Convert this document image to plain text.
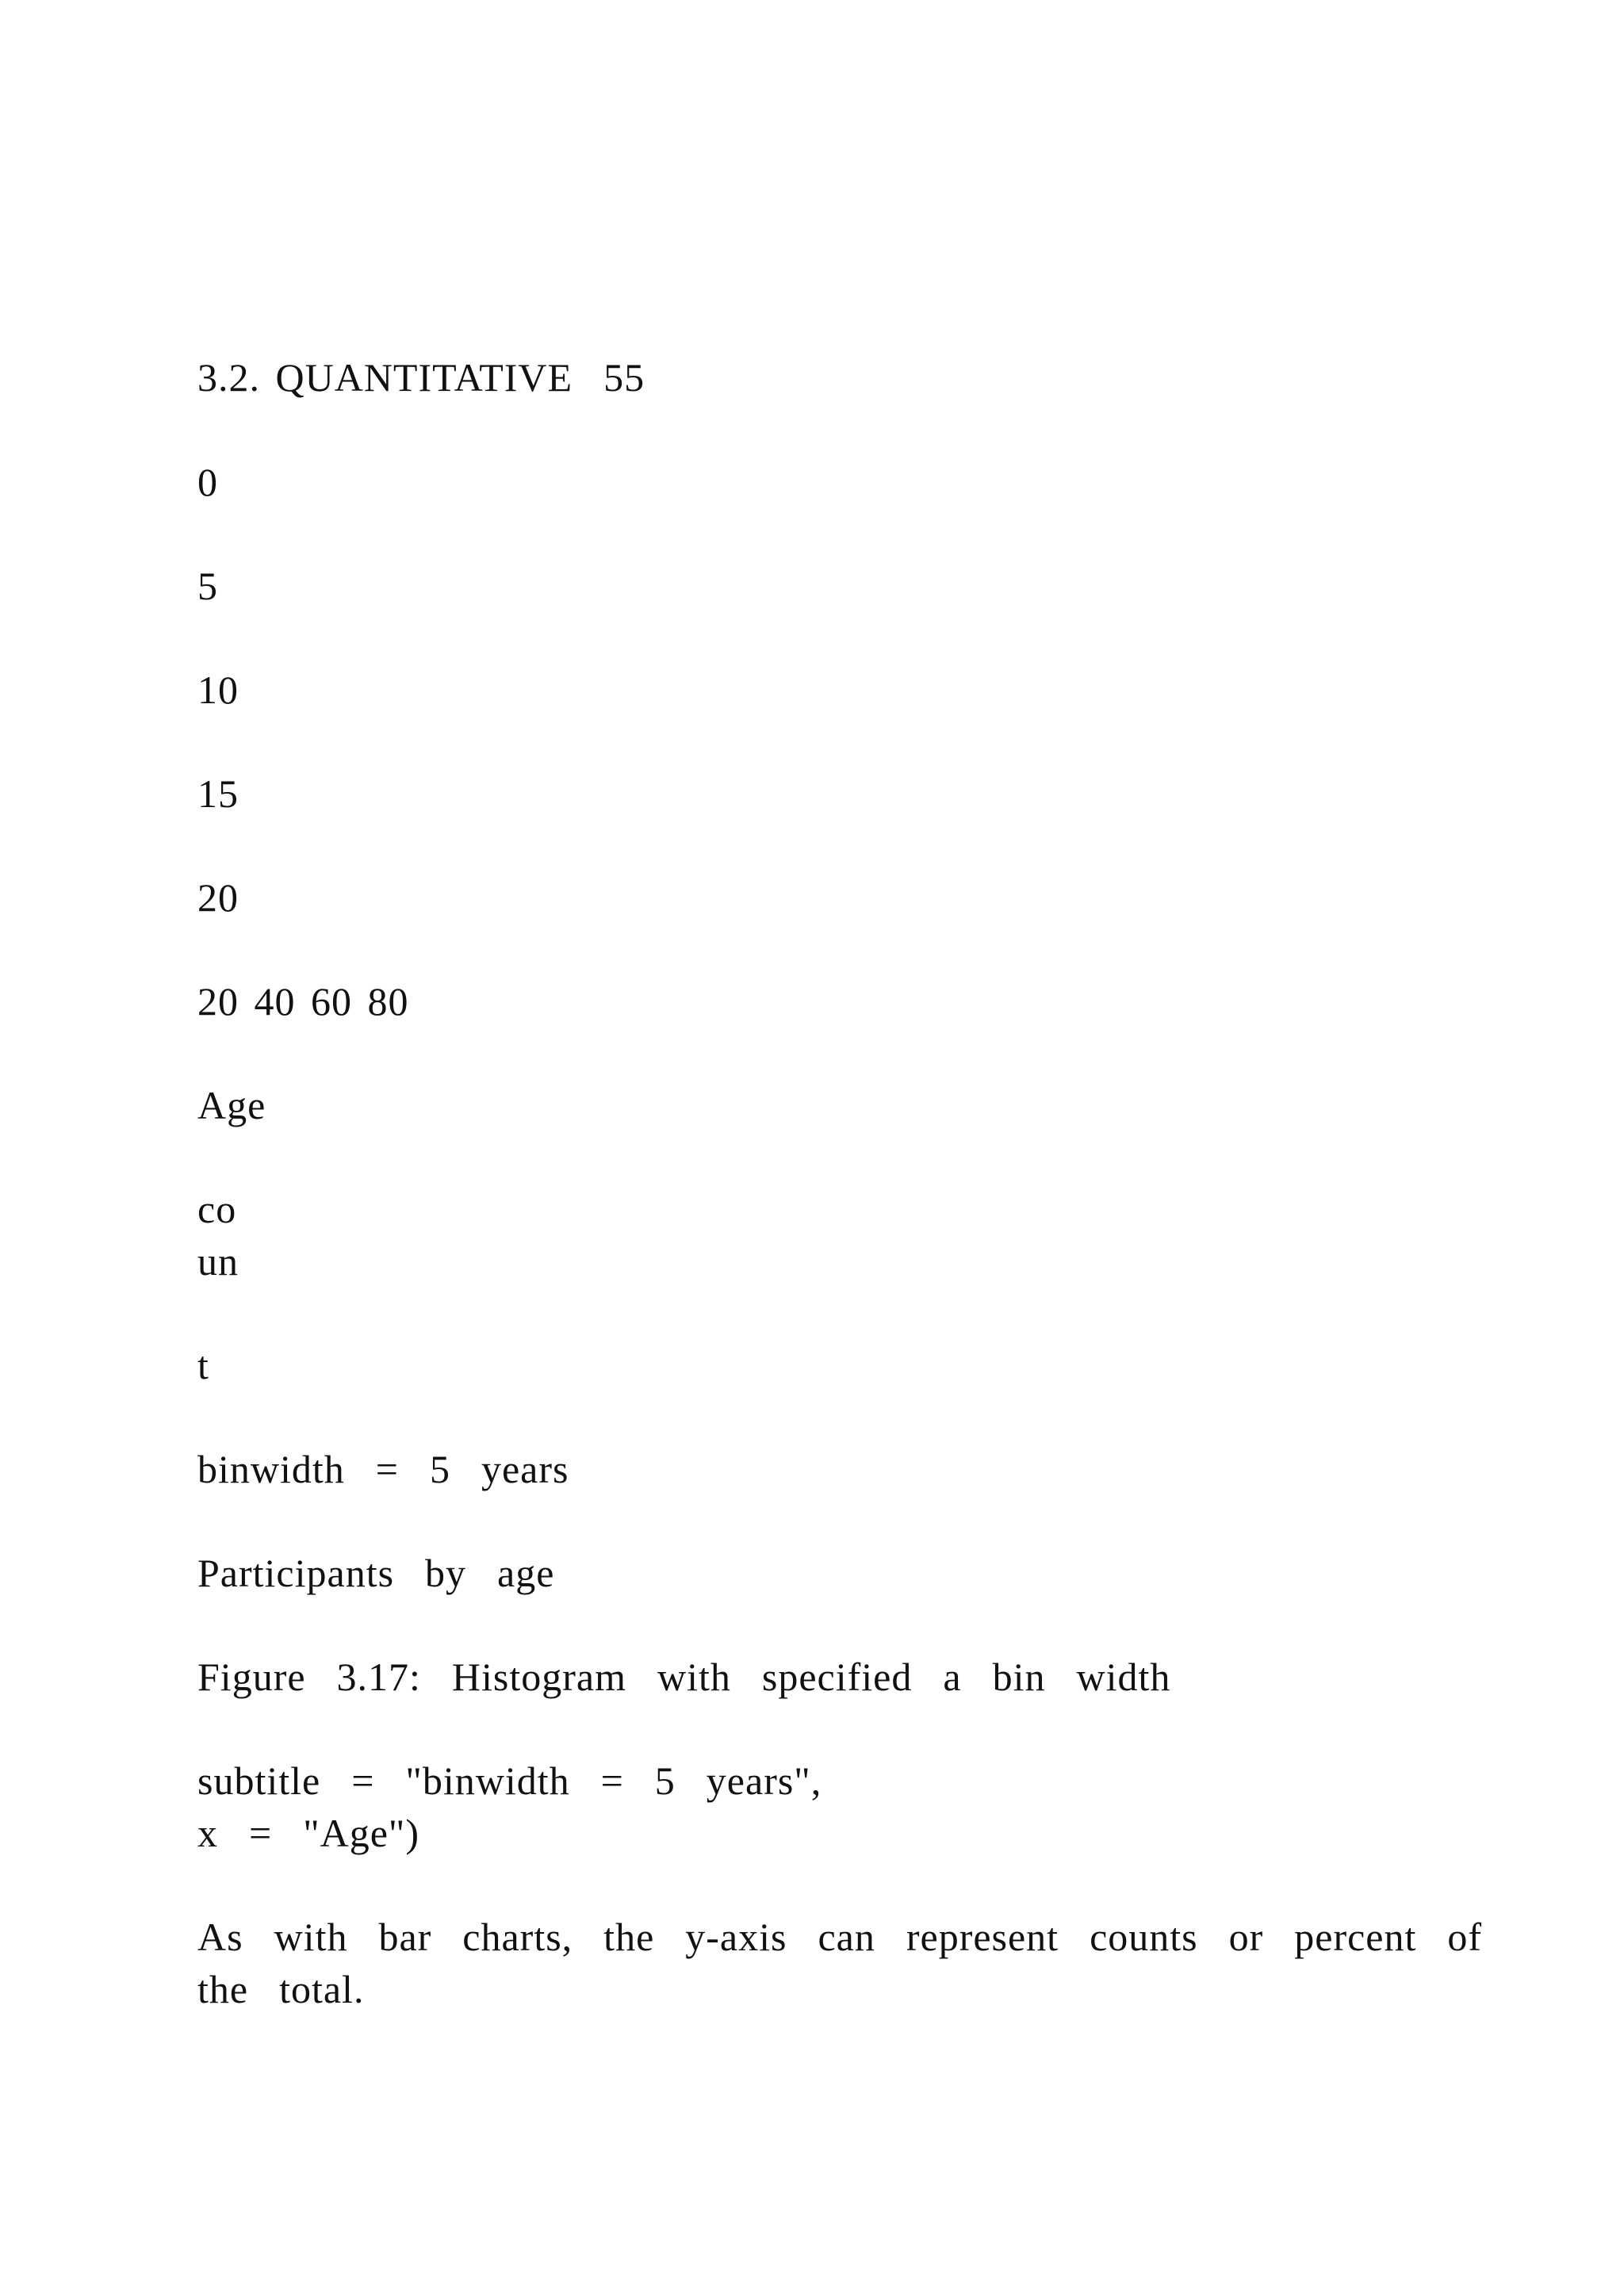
3.2. QUANTITATIVE  55

0

5

10

15

20

20 40 60 80

Age

co

un

t

binwidth  =  5  years

Participants  by  age

Figure  3.17:  Histogram  with  specified  a  bin  width

subtitle  =  "binwidth  =  5  years",

x  =  "Age")

As  with  bar  charts,  the  y-axis  can  represent  counts  or  percent  of

the  total.
